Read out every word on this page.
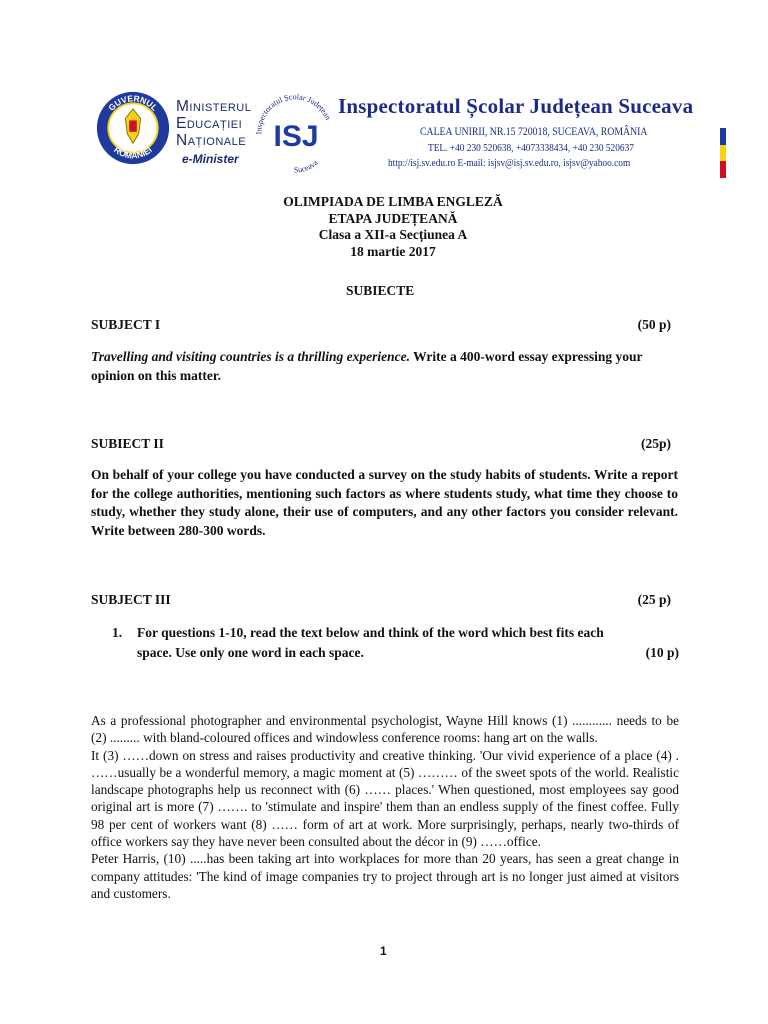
GUVERNUL
ROMÂNIEI
Ministerul
Educației
Naționale
e-Minister
Inspectoratul Școlar Județean
Suceava
ISJ
Inspectoratul Școlar Județean Suceava
CALEA UNIRII, NR.15 720018, SUCEAVA, ROMÂNIA
TEL. +40 230 520638, +4073338434, +40 230 520637
http://isj.sv.edu.ro E-mail: isjsv@isj.sv.edu.ro, isjsv@yahoo.com
OLIMPIADA DE LIMBA ENGLEZĂ
ETAPA JUDEȚEANĂ
Clasa a XII-a Secțiunea A
18 martie 2017
SUBIECTE
SUBJECT I	(50 p)
Travelling and visiting countries is a thrilling experience. Write a 400-word essay expressing your opinion on this matter.
SUBIECT II	(25p)
On behalf of your college you have conducted a survey on the study habits of students. Write a report for the college authorities, mentioning such factors as where students study, what time they choose to study, whether they study alone, their use of computers, and any other factors you consider relevant. Write between 280-300 words.
SUBJECT III	(25 p)
1. For questions 1-10, read the text below and think of the word which best fits each space. Use only one word in each space.	(10 p)

As a professional photographer and environmental psychologist, Wayne Hill knows (1) ............ needs to be (2) ......... with bland-coloured offices and windowless conference rooms: hang art on the walls.

It (3) ……down on stress and raises productivity and creative thinking. 'Our vivid experience of a place (4) . ……usually be a wonderful memory, a magic moment at (5) ……… of the sweet spots of the world. Realistic landscape photographs help us reconnect with (6) …… places.' When questioned, most employees say good original art is more (7) ……. to 'stimulate and inspire' them than an endless supply of the finest coffee. Fully 98 per cent of workers want (8) …… form of art at work. More surprisingly, perhaps, nearly two-thirds of office workers say they have never been consulted about the décor in (9) ……office.

Peter Harris, (10) .....has been taking art into workplaces for more than 20 years, has seen a great change in company attitudes: 'The kind of image companies try to project through art is no longer just aimed at visitors and customers.

1
